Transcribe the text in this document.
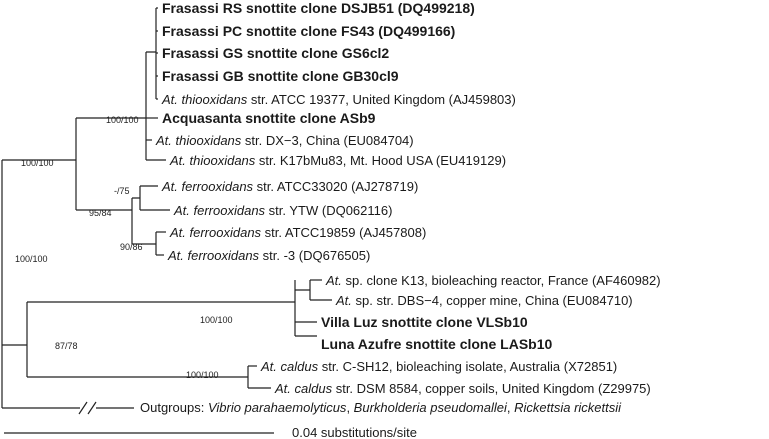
100/100
100/100
-/75
95/84
90/86
100/100
100/100
87/78
100/100
Frasassi RS snottite clone DSJB51 (DQ499218)
Frasassi PC snottite clone FS43 (DQ499166)
Frasassi GS snottite clone GS6cl2
Frasassi GB snottite clone GB30cl9
At. thiooxidans str. ATCC 19377, United Kingdom (AJ459803)
Acquasanta snottite clone ASb9
At. thiooxidans str. DX−3, China (EU084704)
At. thiooxidans str. K17bMu83, Mt. Hood USA (EU419129)
At. ferrooxidans str. ATCC33020 (AJ278719)
At. ferrooxidans str. YTW (DQ062116)
At. ferrooxidans str. ATCC19859 (AJ457808)
At. ferrooxidans str. -3 (DQ676505)
At. sp. clone K13, bioleaching reactor, France (AF460982)
At. sp. str. DBS−4, copper mine, China (EU084710)
Villa Luz snottite clone VLSb10
Luna Azufre snottite clone LASb10
At. caldus str. C-SH12, bioleaching isolate, Australia (X72851)
At. caldus str. DSM 8584, copper soils, United Kingdom (Z29975)
Outgroups: Vibrio parahaemolyticus, Burkholderia pseudomallei, Rickettsia rickettsii
0.04 substitutions/site
